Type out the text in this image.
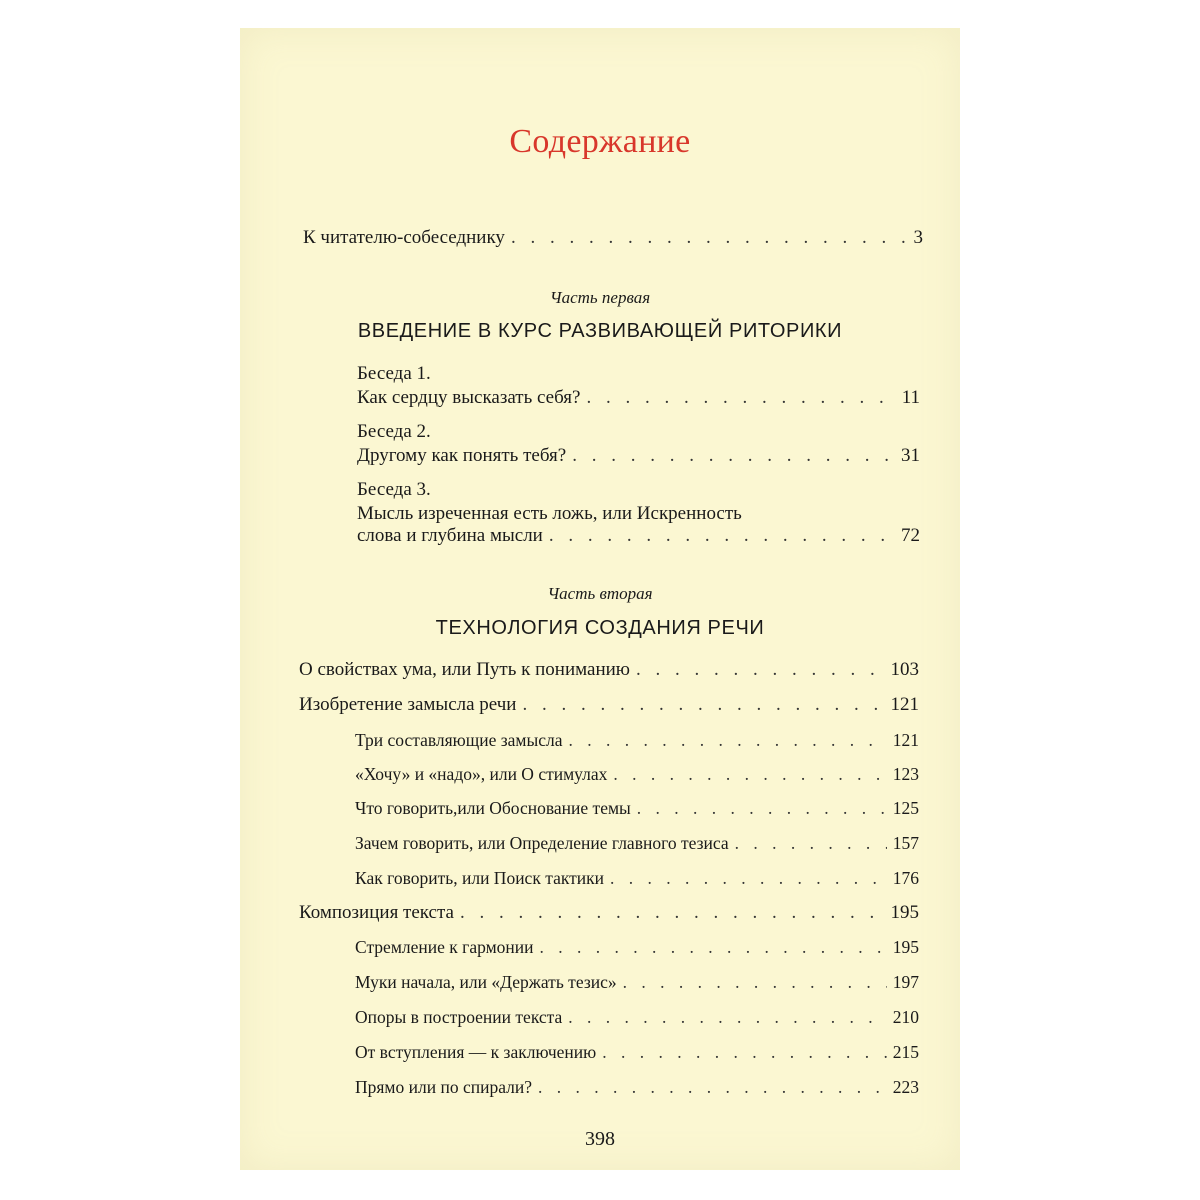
Содержание
К читателю-собеседнику . . .	3
Часть первая
ВВЕДЕНИЕ В КУРС РАЗВИВАЮЩЕЙ РИТОРИКИ
Беседа 1.
Как сердцу высказать себя? . . .	11
Беседа 2.
Другому как понять тебя? . . .	31
Беседа 3.
Мысль изреченная есть ложь, или Искренность
слова и глубина мысли . . .	72
Часть вторая
ТЕХНОЛОГИЯ СОЗДАНИЯ РЕЧИ
О свойствах ума, или Путь к пониманию . . .	103
Изобретение замысла речи . . .	121
Три составляющие замысла . . .	121
«Хочу» и «надо», или О стимулах . . .	123
Что говорить,или Обоснование темы . . .	125
Зачем говорить, или Определение главного тезиса . . .	157
Как говорить, или Поиск тактики . . .	176
Композиция текста . . .	195
Стремление к гармонии . . .	195
Муки начала, или «Держать тезис» . . .	197
Опоры в построении текста . . .	210
От вступления — к заключению . . .	215
Прямо или по спирали? . . .	223
398
